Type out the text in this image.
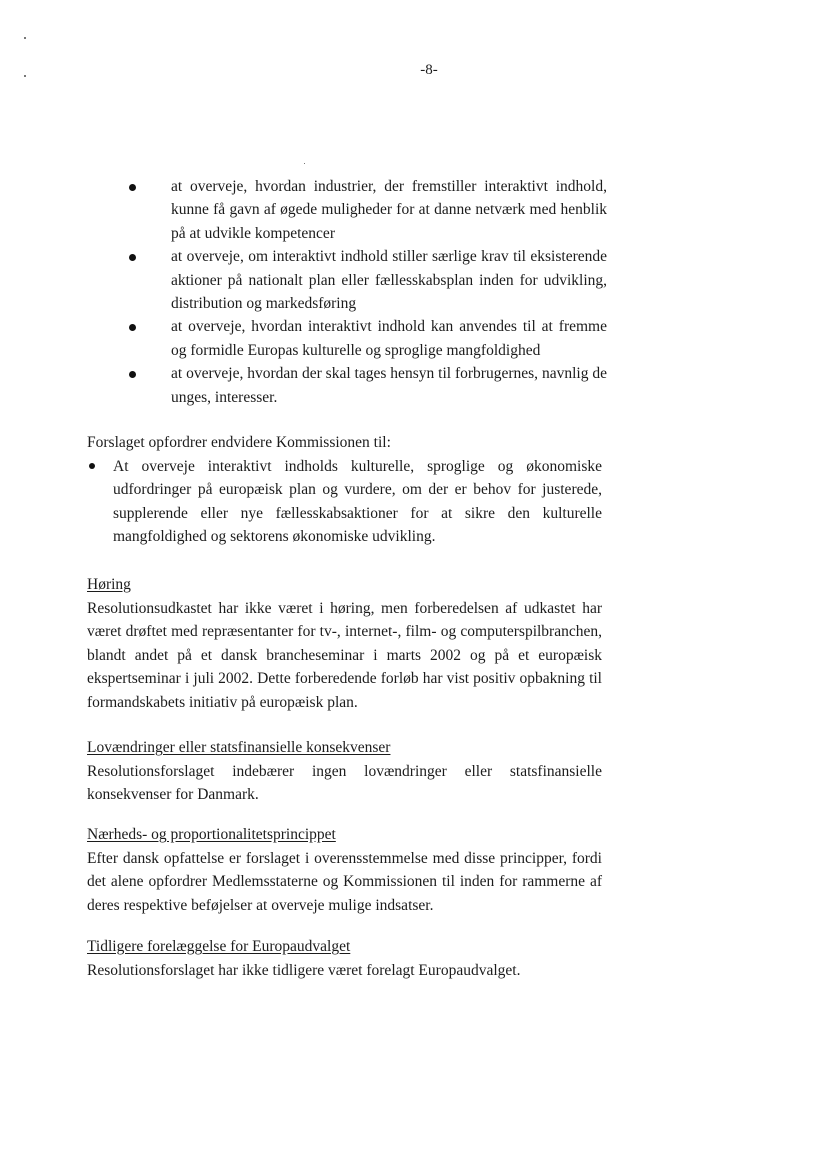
-8-
at overveje, hvordan industrier, der fremstiller interaktivt indhold, kunne få gavn af øgede muligheder for at danne netværk med henblik på at udvikle kompetencer
at overveje, om interaktivt indhold stiller særlige krav til eksisterende aktioner på nationalt plan eller fællesskabsplan inden for udvikling, distribution og markedsføring
at overveje, hvordan interaktivt indhold kan anvendes til at fremme og formidle Europas kulturelle og sproglige mangfoldighed
at overveje, hvordan der skal tages hensyn til forbrugernes, navnlig de unges, interesser.

Forslaget opfordrer endvidere Kommissionen til:

At overveje interaktivt indholds kulturelle, sproglige og økonomiske udfordringer på europæisk plan og vurdere, om der er behov for justerede, supplerende eller nye fællesskabsaktioner for at sikre den kulturelle mangfoldighed og sektorens økonomiske udvikling.

Høring

Resolutionsudkastet har ikke været i høring, men forberedelsen af udkastet har været drøftet med repræsentanter for tv-, internet-, film- og computerspilbranchen, blandt andet på et dansk brancheseminar i marts 2002 og på et europæisk ekspertseminar i juli 2002. Dette forberedende forløb har vist positiv opbakning til formandskabets initiativ på europæisk plan.

Lovændringer eller statsfinansielle konsekvenser

Resolutionsforslaget indebærer ingen lovændringer eller statsfinansielle konsekvenser for Danmark.

Nærheds- og proportionalitetsprincippet

Efter dansk opfattelse er forslaget i overensstemmelse med disse principper, fordi det alene opfordrer Medlemsstaterne og Kommissionen til inden for rammerne af deres respektive beføjelser at overveje mulige indsatser.

Tidligere forelæggelse for Europaudvalget

Resolutionsforslaget har ikke tidligere været forelagt Europaudvalget.
